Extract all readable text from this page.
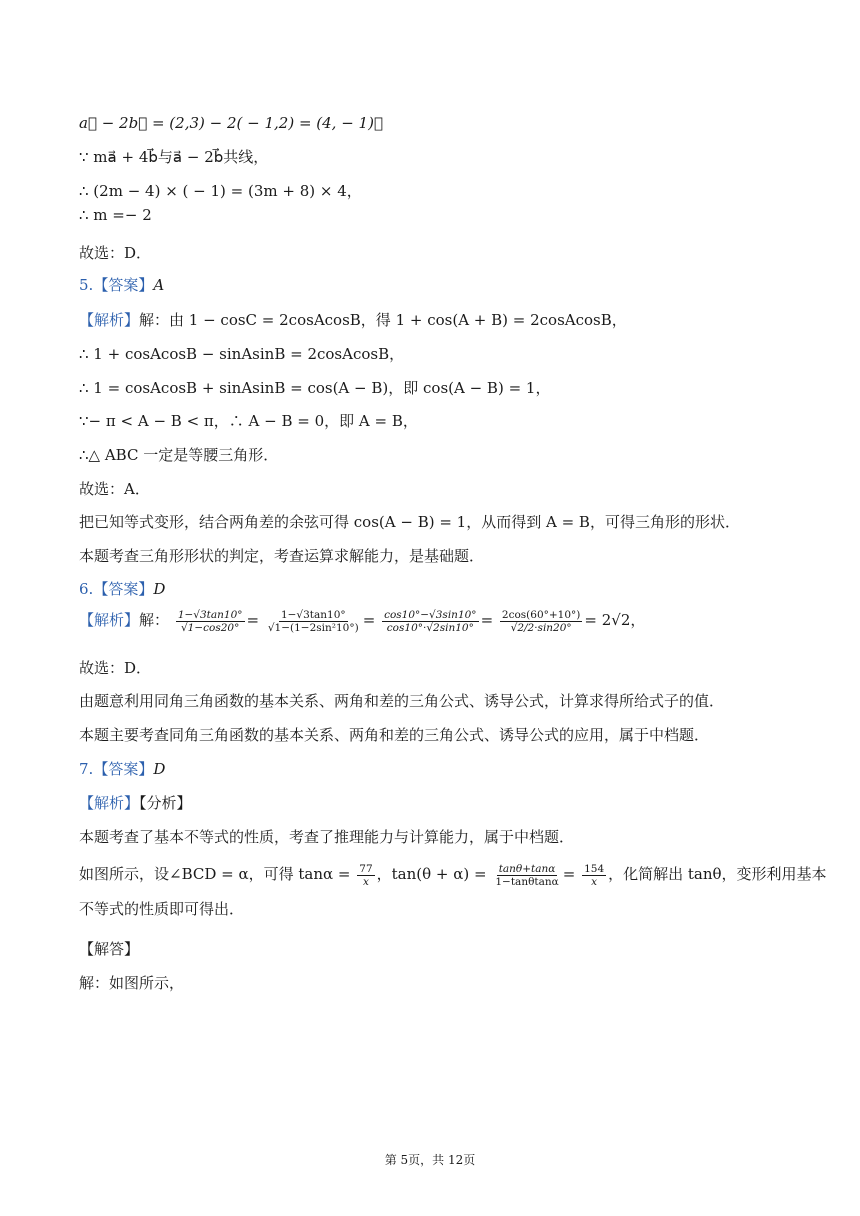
a⃗ − 2b⃗ = (2,3) − 2( − 1,2) = (4, − 1)，
∵ ma⃗ + 4b⃗与a⃗ − 2b⃗共线，
∴ (2m − 4) × ( − 1) = (3m + 8) × 4，
∴ m =− 2
故选：D．
5.【答案】A
【解析】解：由 1 − cosC = 2cosAcosB，得 1 + cos(A + B) = 2cosAcosB，
∴ 1 + cosAcosB − sinAsinB = 2cosAcosB，
∴ 1 = cosAcosB + sinAsinB = cos(A − B)，即 cos(A − B) = 1，
∵− π < A − B < π，∴ A − B = 0，即 A = B，
∴△ ABC 一定是等腰三角形．
故选：A．
把已知等式变形，结合两角差的余弦可得 cos(A − B) = 1，从而得到 A = B，可得三角形的形状．
本题考查三角形形状的判定，考查运算求解能力，是基础题．
6.【答案】D
【解析】解： $\frac{1-√3\tan 10^\circ}{√1-\cos 20^\circ} = \frac{1-√3\tan 10^\circ}{\text{√1−(1−2sin²10°)}} = \frac{\cos 10^\circ-√3\sin 10^\circ}{\cos 10^\circ\cdot√2\sin 10^\circ} = \frac{2\cos(60^\circ+10^\circ)}{√2/2\cdot\sin 20^\circ} = 2√2$，
故选：D．
由题意利用同角三角函数的基本关系、两角和差的三角公式、诱导公式，计算求得所给式子的值．
本题主要考查同角三角函数的基本关系、两角和差的三角公式、诱导公式的应用，属于中档题．
7.【答案】D
【解析】【分析】
本题考查了基本不等式的性质，考查了推理能力与计算能力，属于中档题．
如图所示，设∠BCD = α，可得 $\tan\alpha = \frac{77}{x}$ ，$\tan(\theta + \alpha) = \frac{\tan\theta+\tan\alpha}{1-\tan\theta\tan\alpha} = \frac{154}{x}$ ，化简解出 tanθ，变形利用基本
不等式的性质即可得出．
【解答】
解：如图所示，
第 5页，共 12页
